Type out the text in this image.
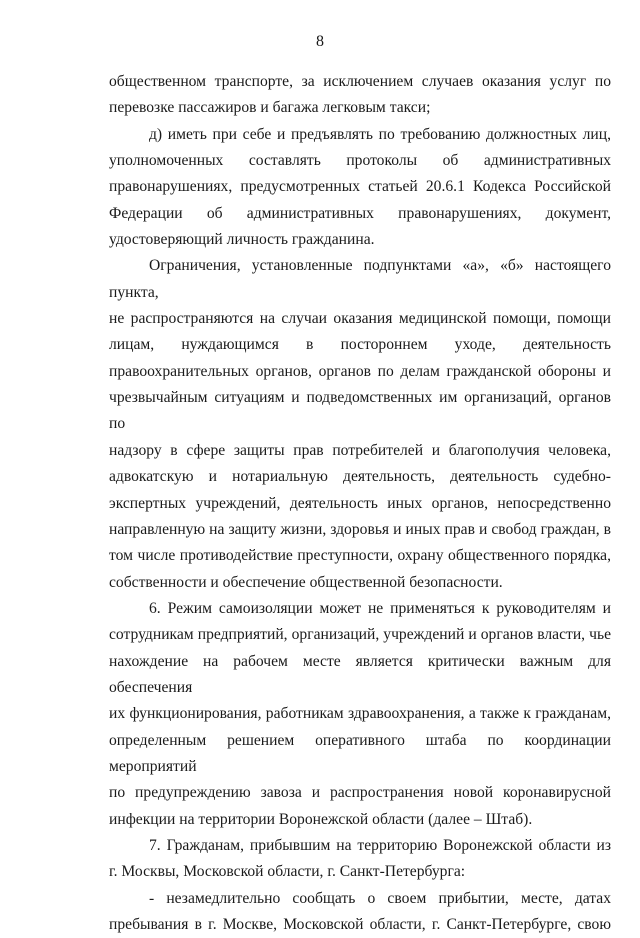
8
общественном транспорте, за исключением случаев оказания услуг по
перевозке пассажиров и багажа легковым такси;
д) иметь при себе и предъявлять по требованию должностных лиц,
уполномоченных составлять протоколы об административных
правонарушениях, предусмотренных статьей 20.6.1 Кодекса Российской
Федерации об административных правонарушениях, документ,
удостоверяющий личность гражданина.
Ограничения, установленные подпунктами «а», «б» настоящего пункта,
не распространяются на случаи оказания медицинской помощи, помощи
лицам, нуждающимся в постороннем уходе, деятельность
правоохранительных органов, органов по делам гражданской обороны и
чрезвычайным ситуациям и подведомственных им организаций, органов по
надзору в сфере защиты прав потребителей и благополучия человека,
адвокатскую и нотариальную деятельность, деятельность судебно-
экспертных учреждений, деятельность иных органов, непосредственно
направленную на защиту жизни, здоровья и иных прав и свобод граждан, в
том числе противодействие преступности, охрану общественного порядка,
собственности и обеспечение общественной безопасности.
6. Режим самоизоляции может не применяться к руководителям и
сотрудникам предприятий, организаций, учреждений и органов власти, чье
нахождение на рабочем месте является критически важным для обеспечения
их функционирования, работникам здравоохранения, а также к гражданам,
определенным решением оперативного штаба по координации мероприятий
по предупреждению завоза и распространения новой коронавирусной
инфекции на территории Воронежской области (далее – Штаб).
7. Гражданам, прибывшим на территорию Воронежской области из
г. Москвы, Московской области, г. Санкт-Петербурга:
- незамедлительно сообщать о своем прибытии, месте, датах
пребывания в г. Москве, Московской области, г. Санкт-Петербурге, свою
